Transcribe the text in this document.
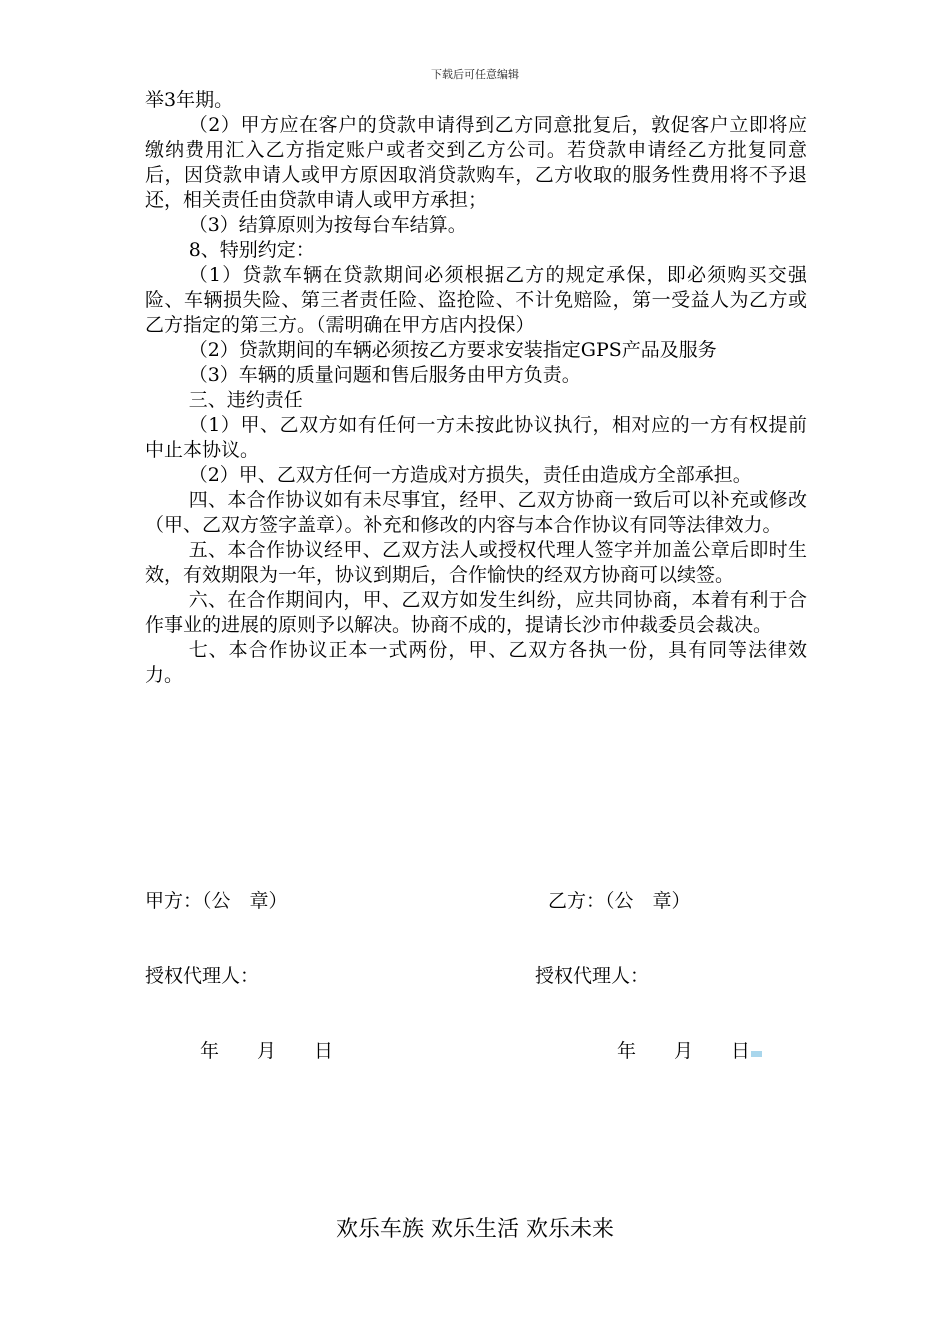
下载后可任意编辑

举3年期。

（2）甲方应在客户的贷款申请得到乙方同意批复后，敦促客户立即将应缴纳费用汇入乙方指定账户或者交到乙方公司。若贷款申请经乙方批复同意后，因贷款申请人或甲方原因取消贷款购车，乙方收取的服务性费用将不予退还，相关责任由贷款申请人或甲方承担；

（3）结算原则为按每台车结算。

8、特别约定：

（1）贷款车辆在贷款期间必须根据乙方的规定承保，即必须购买交强险、车辆损失险、第三者责任险、盗抢险、不计免赔险，第一受益人为乙方或乙方指定的第三方。（需明确在甲方店内投保）

（2）贷款期间的车辆必须按乙方要求安装指定GPS产品及服务

（3）车辆的质量问题和售后服务由甲方负责。

三、违约责任

（1）甲、乙双方如有任何一方未按此协议执行，相对应的一方有权提前中止本协议。

（2）甲、乙双方任何一方造成对方损失，责任由造成方全部承担。

四、本合作协议如有未尽事宜，经甲、乙双方协商一致后可以补充或修改（甲、乙双方签字盖章）。补充和修改的内容与本合作协议有同等法律效力。

五、本合作协议经甲、乙双方法人或授权代理人签字并加盖公章后即时生效，有效期限为一年，协议到期后，合作愉快的经双方协商可以续签。

六、在合作期间内，甲、乙双方如发生纠纷，应共同协商，本着有利于合作事业的进展的原则予以解决。协商不成的，提请长沙市仲裁委员会裁决。

七、本合作协议正本一式两份，甲、乙双方各执一份，具有同等法律效力。

甲方：（公　章）	乙方：（公　章）
授权代理人：	授权代理人：
年　　月　　日	年　　月　　日
欢乐车族 欢乐生活 欢乐未来
